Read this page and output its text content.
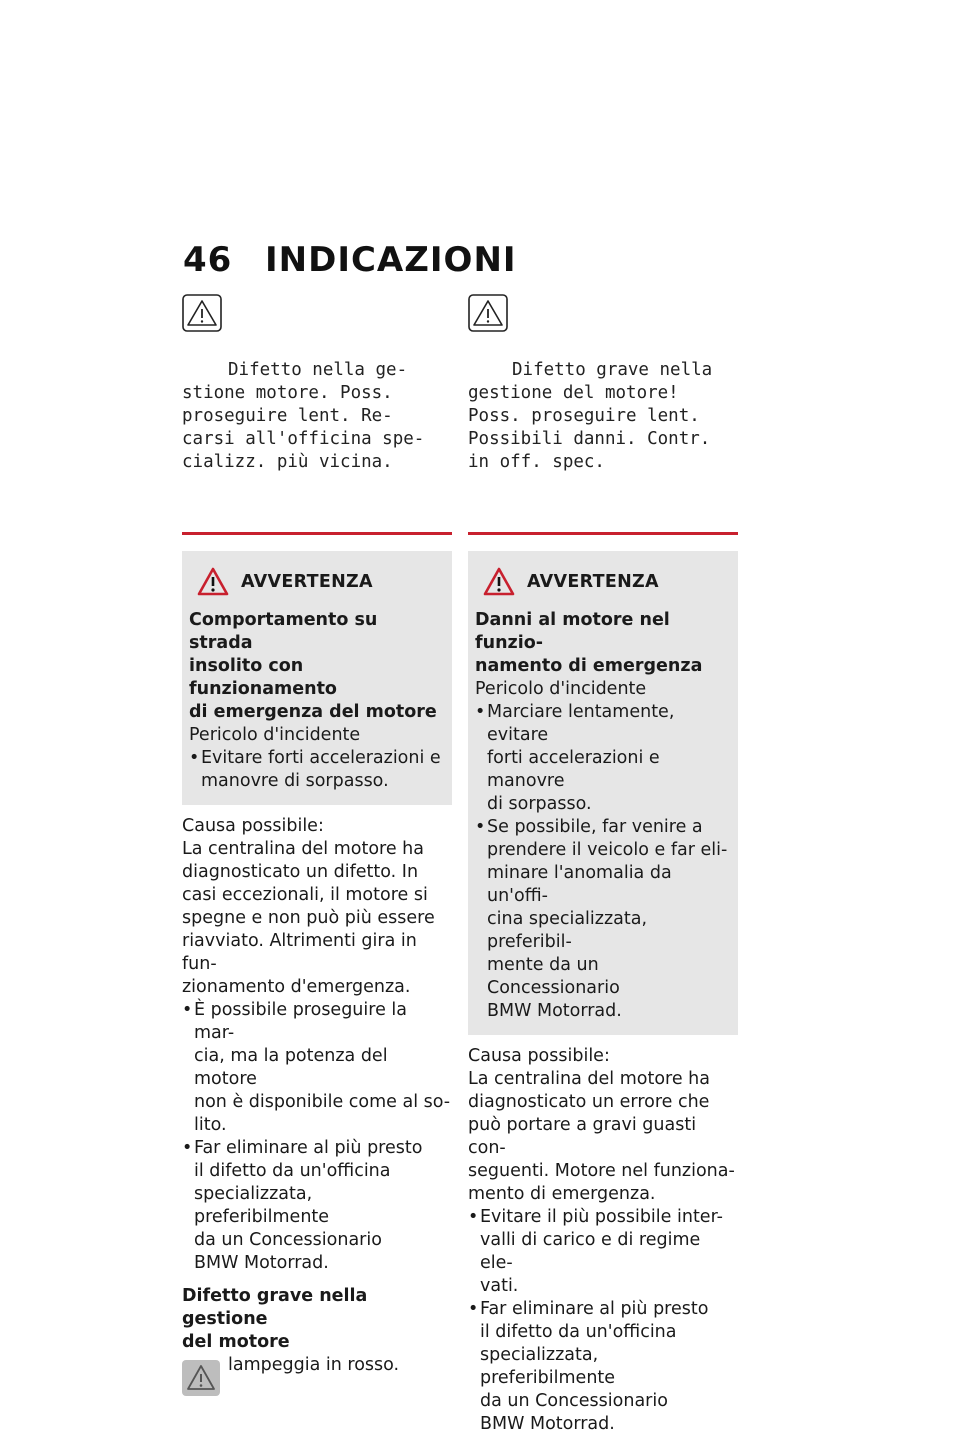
46 INDICAZIONI

Difetto nella ge-
stione motore. Poss.
proseguire lent. Re-
carsi all'officina spe-
cializz. più vicina.

AVVERTENZA
Comportamento su strada
insolito con funzionamento
di emergenza del motore
Pericolo d'incidente
• Evitare forti accelerazioni e
manovre di sorpasso.
Causa possibile:
La centralina del motore ha
diagnosticato un difetto. In
casi eccezionali, il motore si
spegne e non può più essere
riavviato. Altrimenti gira in fun-
zionamento d'emergenza.
• È possibile proseguire la mar-
cia, ma la potenza del motore
non è disponibile come al so-
lito.
• Far eliminare al più presto
il difetto da un'officina
specializzata, preferibilmente
da un Concessionario
BMW Motorrad.
Difetto grave nella gestione
del motore
lampeggia in rosso.

Difetto grave nella
gestione del motore!
Poss. proseguire lent.
Possibili danni. Contr.
in off. spec.

AVVERTENZA
Danni al motore nel funzio-
namento di emergenza
Pericolo d'incidente
• Marciare lentamente, evitare
forti accelerazioni e manovre
di sorpasso.
• Se possibile, far venire a
prendere il veicolo e far eli-
minare l'anomalia da un'offi-
cina specializzata, preferibil-
mente da un Concessionario
BMW Motorrad.
Causa possibile:
La centralina del motore ha
diagnosticato un errore che
può portare a gravi guasti con-
seguenti. Motore nel funziona-
mento di emergenza.
• Evitare il più possibile inter-
valli di carico e di regime ele-
vati.
• Far eliminare al più presto
il difetto da un'officina
specializzata, preferibilmente
da un Concessionario
BMW Motorrad.
